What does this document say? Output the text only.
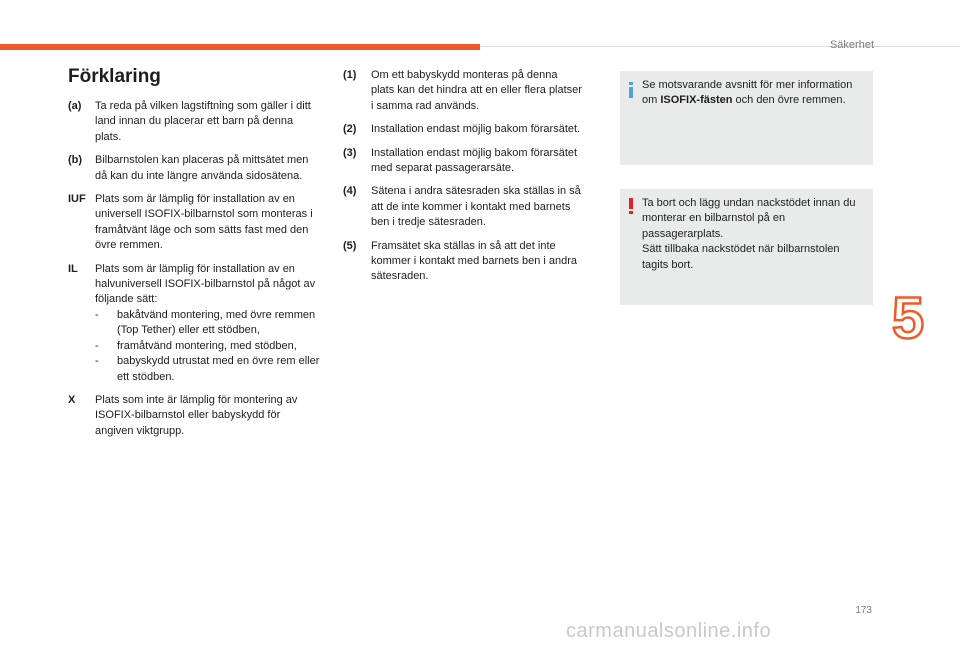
Säkerhet
Förklaring
(a)	Ta reda på vilken lagstiftning som gäller i ditt land innan du placerar ett barn på denna plats.
(b)	Bilbarnstolen kan placeras på mittsätet men då kan du inte längre använda sidosätena.
IUF Plats som är lämplig för installation av en universell ISOFIX-bilbarnstol som monteras i framåtvänt läge och som sätts fast med den övre remmen.
IL	Plats som är lämplig för installation av en halvuniversell ISOFIX-bilbarnstol på något av följande sätt:
-	bakåtvänd montering, med övre remmen (Top Tether) eller ett stödben,
-	framåtvänd montering, med stödben,
-	babyskydd utrustat med en övre rem eller ett stödben.
X	Plats som inte är lämplig för montering av ISOFIX-bilbarnstol eller babyskydd för angiven viktgrupp.
(1)	Om ett babyskydd monteras på denna plats kan det hindra att en eller flera platser i samma rad används.
(2)	Installation endast möjlig bakom förarsätet.
(3)	Installation endast möjlig bakom förarsätet med separat passagerarsäte.
(4)	Sätena i andra sätesraden ska ställas in så att de inte kommer i kontakt med barnets ben i tredje sätesraden.
(5)	Framsätet ska ställas in så att det inte kommer i kontakt med barnets ben i andra sätesraden.
Se motsvarande avsnitt för mer information om ISOFIX-fästen och den övre remmen.
Ta bort och lägg undan nackstödet innan du monterar en bilbarnstol på en passagerarplats.
Sätt tillbaka nackstödet när bilbarnstolen tagits bort.
5
173
carmanualsonline.info
